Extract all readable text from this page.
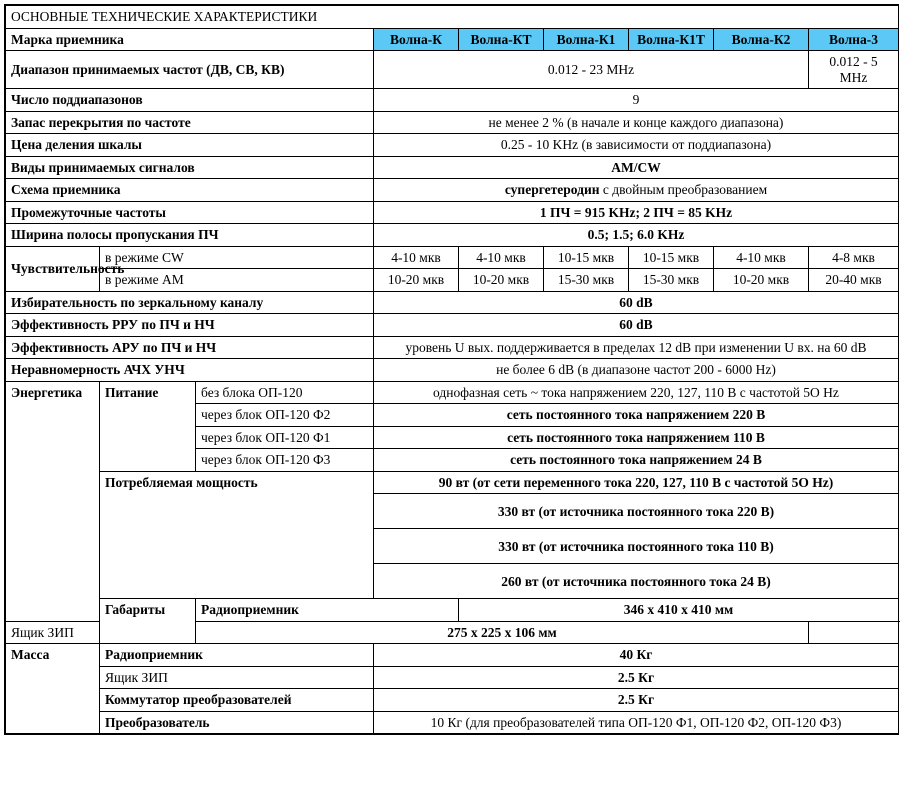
ОСНОВНЫЕ ТЕХНИЧЕСКИЕ ХАРАКТЕРИСТИКИ								
Марка приемника			Волна-К	Волна-КТ	Волна-К1	Волна-К1Т	Волна-К2	Волна-3
Диапазон принимаемых частот (ДВ, СВ, КВ)			0.012 - 23 MHz					0.012 - 5 MHz
Число поддиапазонов			9					
Запас перекрытия по частоте			не менее 2 % (в начале и конце каждого диапазона)					
Цена деления шкалы			0.25 - 10 KHz (в зависимости от поддиапазона)					
Виды принимаемых сигналов			AM/CW					
Схема приемника			супергетеродин с двойным преобразованием					
Промежуточные частоты			1 ПЧ = 915 KHz; 2 ПЧ = 85 KHz					
Ширина полосы пропускания ПЧ			0.5; 1.5; 6.0 KHz					
Чувствительность	в режиме CW		4-10 мкв	4-10 мкв	10-15 мкв	10-15 мкв	4-10 мкв	4-8 мкв
	в режиме АМ		10-20 мкв	10-20 мкв	15-30 мкв	15-30 мкв	10-20 мкв	20-40 мкв
Избирательность по зеркальному каналу			60 dB					
Эффективность РРУ по ПЧ и НЧ			60 dB					
Эффективность АРУ по ПЧ и НЧ			уровень U вых. поддерживается в пределах 12 dB при изменении U вх. на 60 dB					
Неравномерность АЧХ УНЧ			не более 6 dB (в диапазоне частот 200 - 6000 Hz)					
Энергетика	Питание	без блока ОП-120	однофазная сеть ~ тока напряжением 220, 127, 110 В с частотой 5О Hz					
		через блок ОП-120 Ф2	сеть постоянного тока напряжением 220 В					
		через блок ОП-120 Ф1	сеть постоянного тока напряжением 110 В					
		через блок ОП-120 Ф3	сеть постоянного тока напряжением 24 В					
	Потребляемая мощность		90 вт (от сети переменного тока 220, 127, 110 В с частотой 5О Hz)					
			330 вт (от источника постоянного тока 220 В)					
			330 вт (от источника постоянного тока 110 В)					
			260 вт (от источника постоянного тока 24 В)					
	Габариты	Радиоприемник		346 x 410 x 410 мм				
Ящик ЗИП		275 x 225 x 106 мм						
Масса	Радиоприемник		40 Кг					
	Ящик ЗИП		2.5 Кг					
	Коммутатор преобразователей		2.5 Кг					
	Преобразователь		10 Кг (для преобразователей типа ОП-120 Ф1, ОП-120 Ф2, ОП-120 Ф3)					
